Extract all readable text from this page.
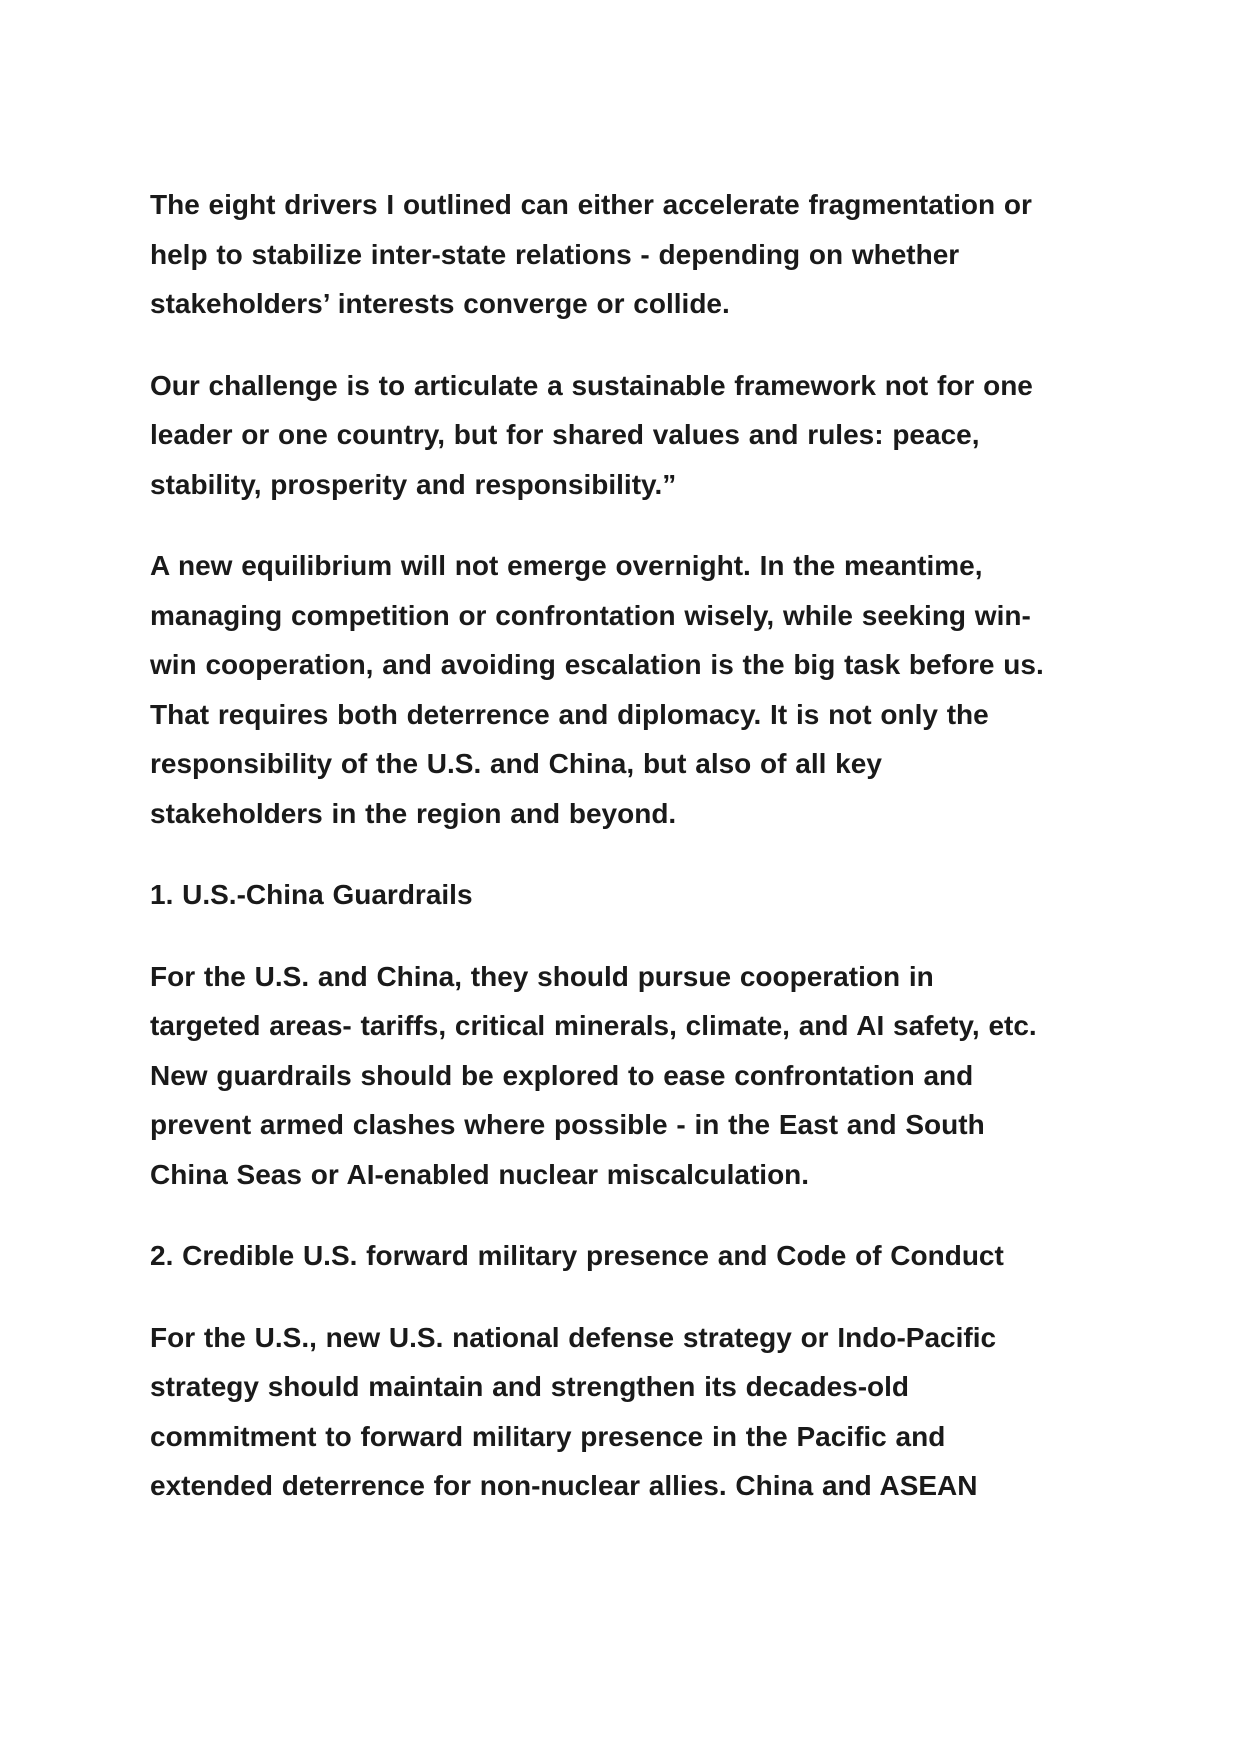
The eight drivers I outlined can either accelerate fragmentation or
help to stabilize inter-state relations - depending on whether
stakeholders’ interests converge or collide.
Our challenge is to articulate a sustainable framework not for one
leader or one country, but for shared values and rules: peace,
stability, prosperity and responsibility.”
A new equilibrium will not emerge overnight. In the meantime,
managing competition or confrontation wisely, while seeking win-
win cooperation, and avoiding escalation is the big task before us.
That requires both deterrence and diplomacy. It is not only the
responsibility of the U.S. and China, but also of all key
stakeholders in the region and beyond.
1. U.S.-China Guardrails
For the U.S. and China, they should pursue cooperation in
targeted areas- tariffs, critical minerals, climate, and AI safety, etc.
New guardrails should be explored to ease confrontation and
prevent armed clashes where possible - in the East and South
China Seas or AI-enabled nuclear miscalculation.
2. Credible U.S. forward military presence and Code of Conduct
For the U.S., new U.S. national defense strategy or Indo-Pacific
strategy should maintain and strengthen its decades-old
commitment to forward military presence in the Pacific and
extended deterrence for non-nuclear allies. China and ASEAN
